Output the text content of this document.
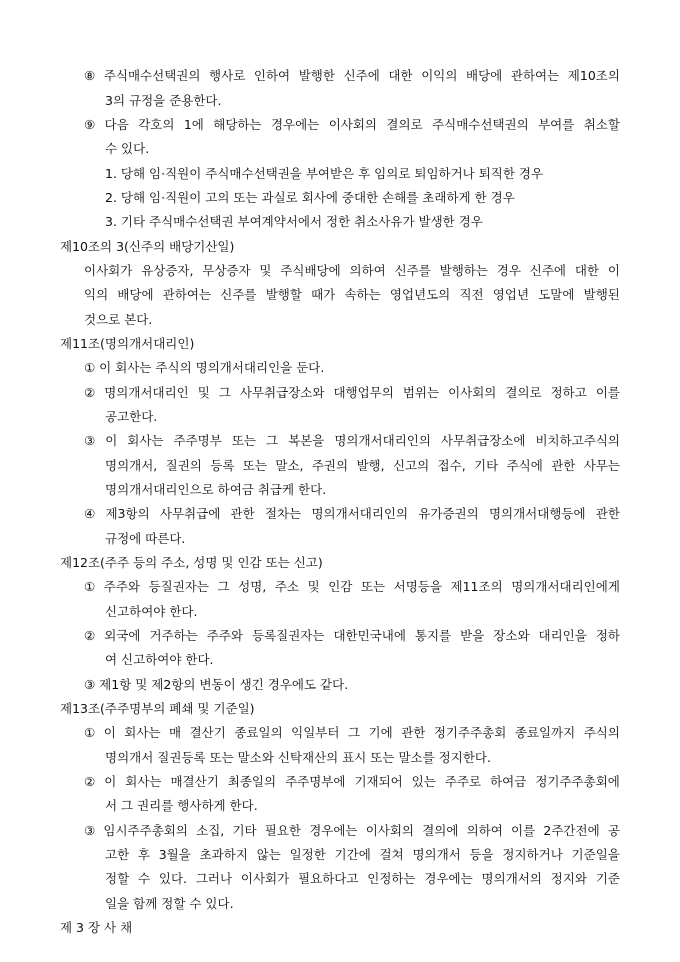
⑧ 주식매수선택권의 행사로 인하여 발행한 신주에 대한 이익의 배당에 관하여는 제10조의
3의 규정을 준용한다.
⑨ 다음 각호의 1에 해당하는 경우에는 이사회의 결의로 주식매수선택권의 부여를 취소할
수 있다.
1. 당해 임·직원이 주식매수선택권을 부여받은 후 임의로 퇴임하거나 퇴직한 경우
2. 당해 임·직원이 고의 또는 과실로 회사에 중대한 손해를 초래하게 한 경우
3. 기타 주식매수선택권 부여계약서에서 정한 취소사유가 발생한 경우
제10조의 3(신주의 배당기산일)
이사회가 유상증자, 무상증자 및 주식배당에 의하여 신주를 발행하는 경우 신주에 대한 이
익의 배당에 관하여는 신주를 발행할 때가 속하는 영업년도의 직전 영업년 도말에 발행된
것으로 본다.
제11조(명의개서대리인)
① 이 회사는 주식의 명의개서대리인을 둔다.
② 명의개서대리인 및 그 사무취급장소와 대행업무의 범위는 이사회의 결의로 정하고 이를
공고한다.
③ 이 회사는 주주명부 또는 그 복본을 명의개서대리인의 사무취급장소에 비치하고주식의
명의개서, 질권의 등록 또는 말소, 주권의 발행, 신고의 접수, 기타 주식에 관한 사무는
명의개서대리인으로 하여금 취급케 한다.
④ 제3항의 사무취급에 관한 절차는 명의개서대리인의 유가증권의 명의개서대행등에 관한
규정에 따른다.
제12조(주주 등의 주소, 성명 및 인감 또는 신고)
① 주주와 등질권자는 그 성명, 주소 및 인감 또는 서명등을 제11조의 명의개서대리인에게
신고하여야 한다.
② 외국에 거주하는 주주와 등록질권자는 대한민국내에 통지를 받을 장소와 대리인을 정하
여 신고하여야 한다.
③ 제1항 및 제2항의 변동이 생긴 경우에도 같다.
제13조(주주명부의 폐쇄 및 기준일)
① 이 회사는 매 결산기 종료일의 익일부터 그 기에 관한 정기주주총회 종료일까지 주식의
명의개서 질권등록 또는 말소와 신탁재산의 표시 또는 말소를 정지한다.
② 이 회사는 매결산기 최종일의 주주명부에 기재되어 있는 주주로 하여금 정기주주총회에
서 그 권리를 행사하게 한다.
③ 임시주주총회의 소집, 기타 필요한 경우에는 이사회의 결의에 의하여 이를 2주간전에 공
고한 후 3월을 초과하지 않는 일정한 기간에 걸쳐 명의개서 등을 정지하거나 기준일을
정할 수 있다. 그러나 이사회가 필요하다고 인정하는 경우에는 명의개서의 정지와 기준
일을 함께 정할 수 있다.
제 3 장 사 채
